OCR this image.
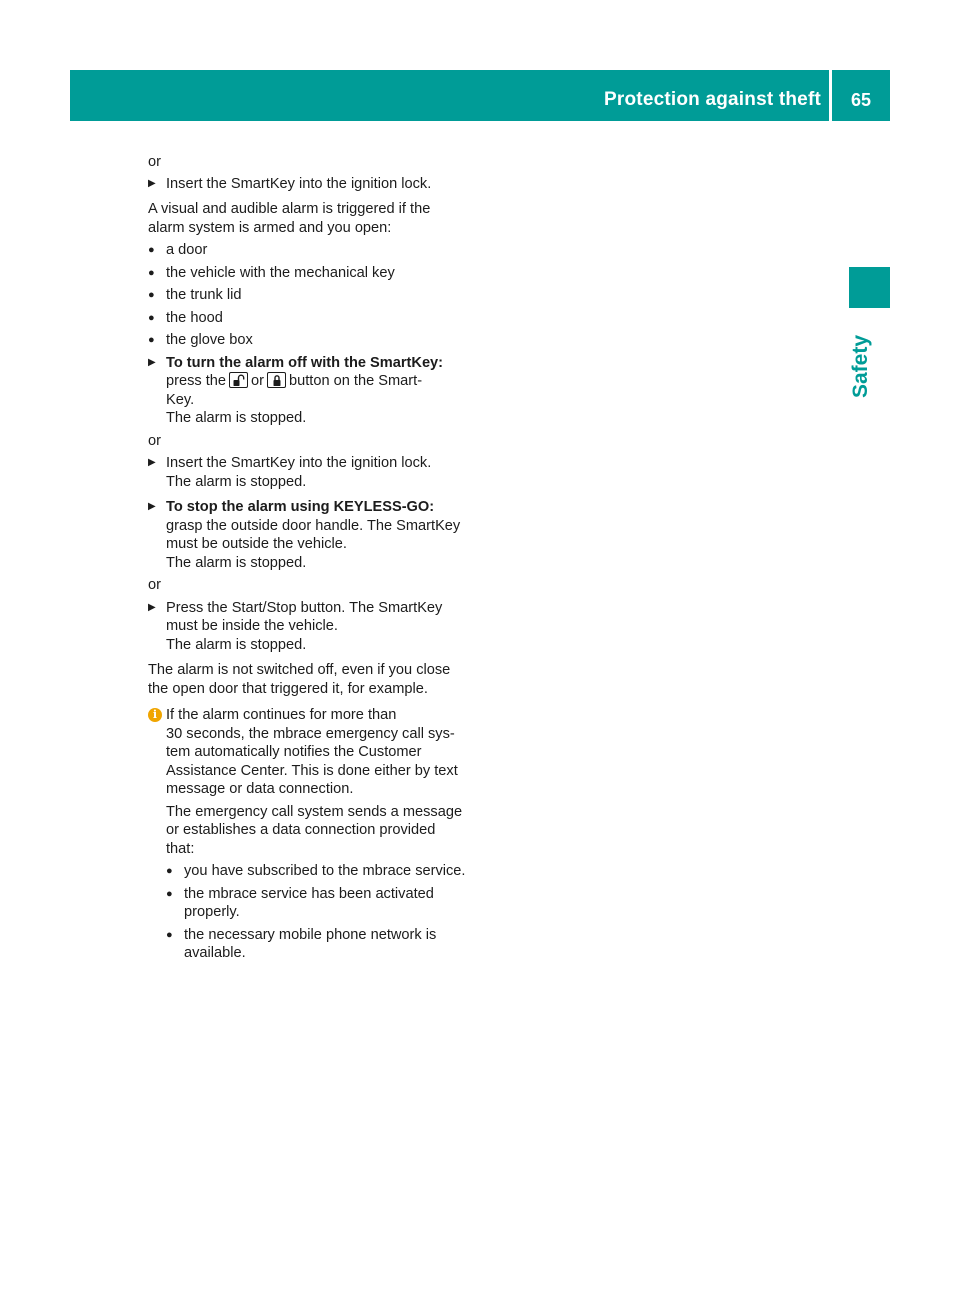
Protection against theft 65
Safety
or
▶ Insert the SmartKey into the ignition lock.
A visual and audible alarm is triggered if the
alarm system is armed and you open:
● a door
● the vehicle with the mechanical key
● the trunk lid
● the hood
● the glove box
▶ To turn the alarm off with the SmartKey:
press the or button on the Smart-
Key.
The alarm is stopped.
or
▶ Insert the SmartKey into the ignition lock.
The alarm is stopped.
▶ To stop the alarm using KEYLESS-GO:
grasp the outside door handle. The SmartKey
must be outside the vehicle.
The alarm is stopped.
or
▶ Press the Start/Stop button. The SmartKey
must be inside the vehicle.
The alarm is stopped.
The alarm is not switched off, even if you close
the open door that triggered it, for example.
i If the alarm continues for more than
30 seconds, the mbrace emergency call sys-
tem automatically notifies the Customer
Assistance Center. This is done either by text
message or data connection.
The emergency call system sends a message
or establishes a data connection provided
that:
● you have subscribed to the mbrace service.
● the mbrace service has been activated
properly.
● the necessary mobile phone network is
available.
